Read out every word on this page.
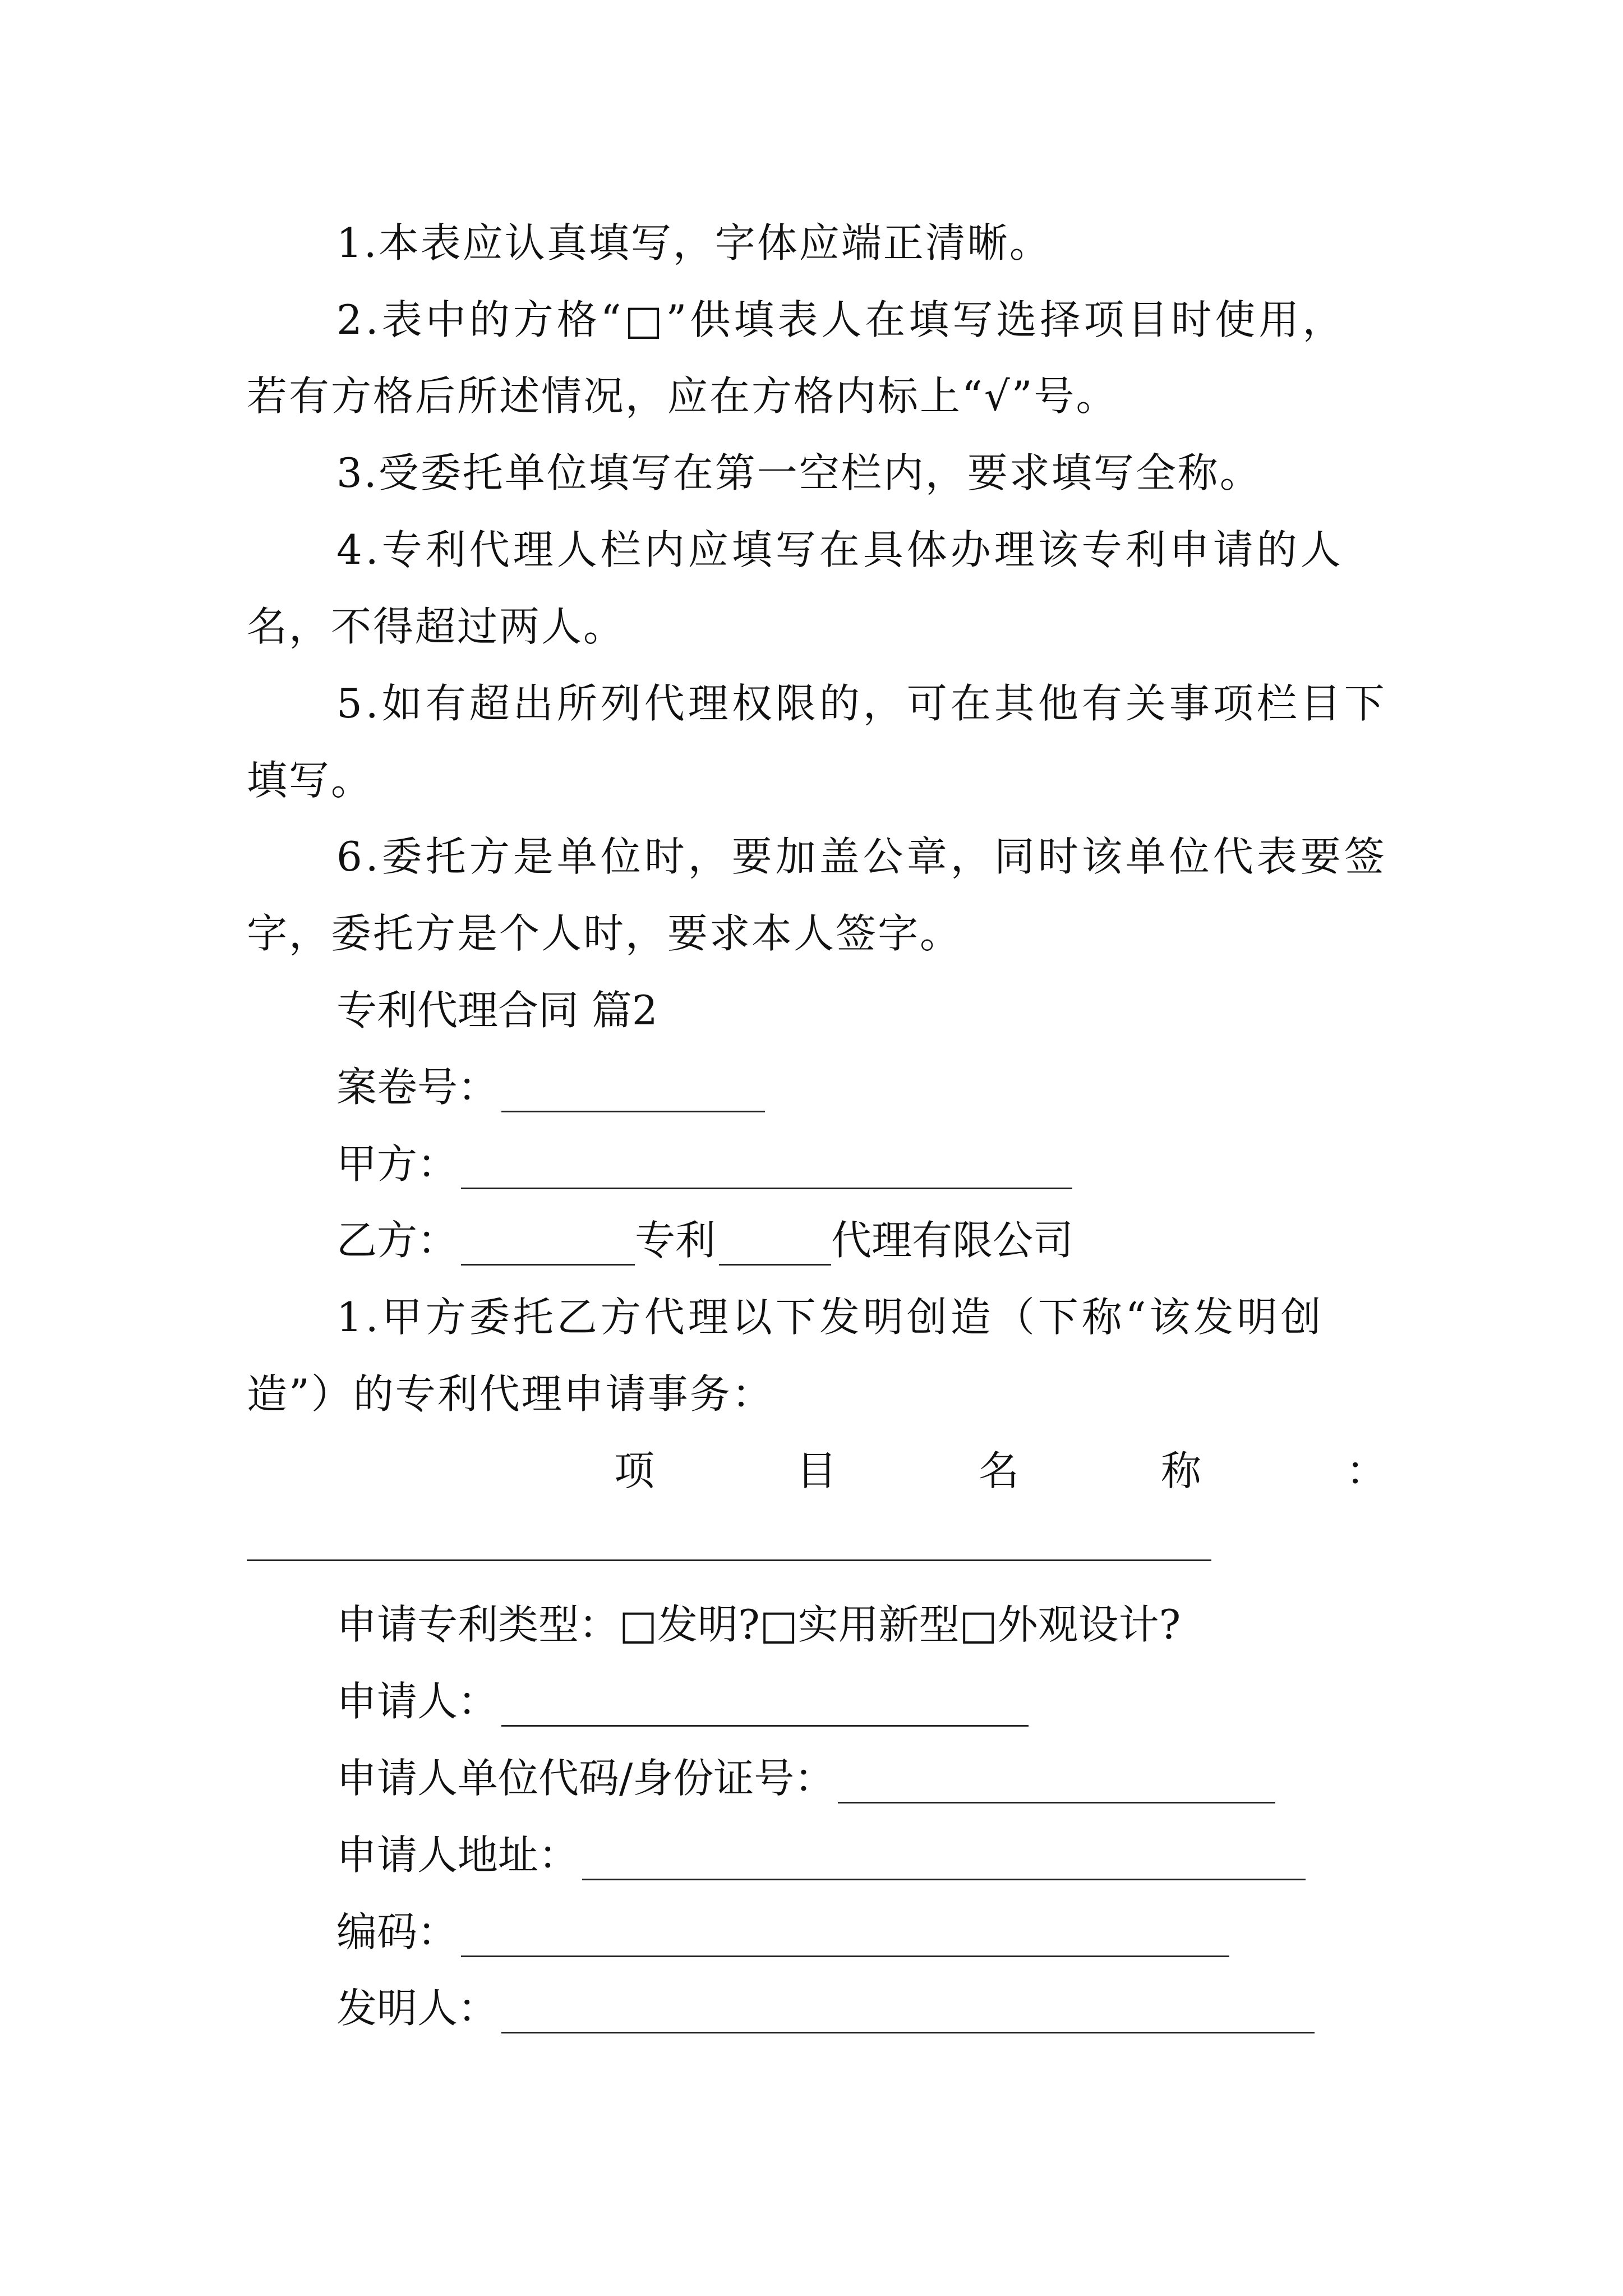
1.本表应认真填写，字体应端正清晰。
2.表中的方格“□”供填表人在填写选择项目时使用，
若有方格后所述情况，应在方格内标上“√”号。
3.受委托单位填写在第一空栏内，要求填写全称。
4.专利代理人栏内应填写在具体办理该专利申请的人
名，不得超过两人。
5.如有超出所列代理权限的，可在其他有关事项栏目下
填写。
6.委托方是单位时，要加盖公章，同时该单位代表要签
字，委托方是个人时，要求本人签字。
专利代理合同 篇2
案卷号：
甲方：
乙方：	专利	代理有限公司
1.甲方委托乙方代理以下发明创造（下称“该发明创
造”）的专利代理申请事务：
项	目	名	称	：
申请专利类型：□发明?□实用新型□外观设计?
申请人：
申请人单位代码/身份证号：
申请人地址：
编码：
发明人：
